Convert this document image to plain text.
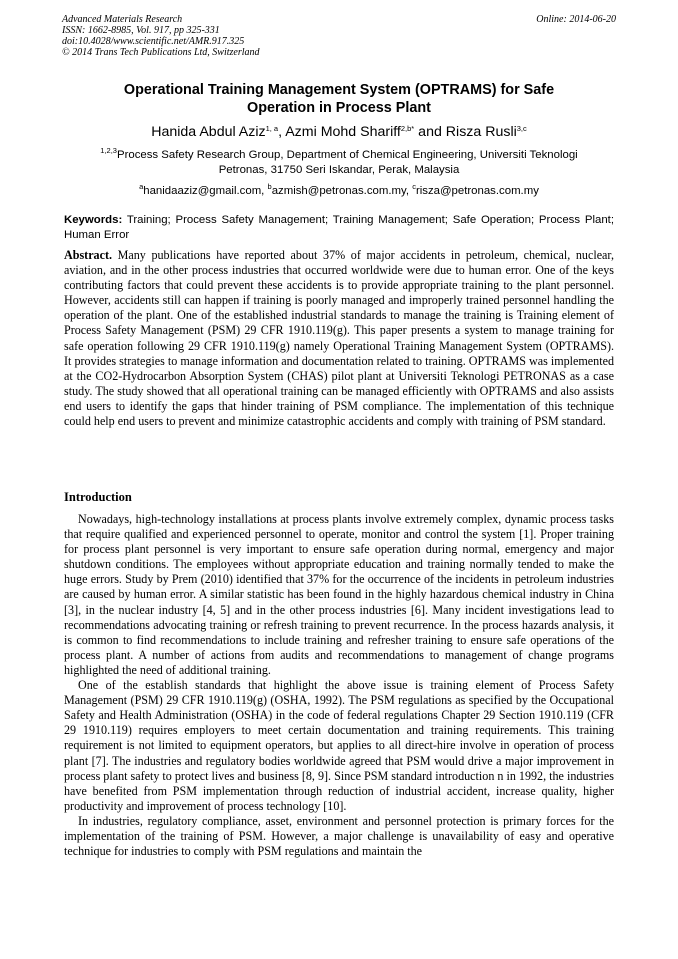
Advanced Materials Research
ISSN: 1662-8985, Vol. 917, pp 325-331
doi:10.4028/www.scientific.net/AMR.917.325
© 2014 Trans Tech Publications Ltd, Switzerland
Online: 2014-06-20
Operational Training Management System (OPTRAMS) for Safe
Operation in Process Plant
Hanida Abdul Aziz$^{1, a}$, Azmi Mohd Shariff$^{2,b*}$ and Risza Rusli$^{3,c}$
$^{1,2,3}$Process Safety Research Group, Department of Chemical Engineering, Universiti Teknologi
Petronas, 31750 Seri Iskandar, Perak, Malaysia
$^a$hanidaaziz@gmail.com, $^b$azmish@petronas.com.my, $^c$risza@petronas.com.my
Keywords: Training; Process Safety Management; Training Management; Safe Operation; Process Plant; Human Error
Abstract. Many publications have reported about 37% of major accidents in petroleum, chemical, nuclear, aviation, and in the other process industries that occurred worldwide were due to human error. One of the keys contributing factors that could prevent these accidents is to provide appropriate training to the plant personnel. However, accidents still can happen if training is poorly managed and improperly trained personnel handling the operation of the plant. One of the established industrial standards to manage the training is Training element of Process Safety Management (PSM) 29 CFR 1910.119(g). This paper presents a system to manage training for safe operation following 29 CFR 1910.119(g) namely Operational Training Management System (OPTRAMS). It provides strategies to manage information and documentation related to training. OPTRAMS was implemented at the CO2-Hydrocarbon Absorption System (CHAS) pilot plant at Universiti Teknologi PETRONAS as a case study. The study showed that all operational training can be managed efficiently with OPTRAMS and also assists end users to identify the gaps that hinder training of PSM compliance. The implementation of this technique could help end users to prevent and minimize catastrophic accidents and comply with training of PSM standard.
Introduction

Nowadays, high-technology installations at process plants involve extremely complex, dynamic process tasks that require qualified and experienced personnel to operate, monitor and control the system [1]. Proper training for process plant personnel is very important to ensure safe operation during normal, emergency and major shutdown conditions. The employees without appropriate education and training normally tended to make the huge errors. Study by Prem (2010) identified that 37% for the occurrence of the incidents in petroleum industries are caused by human error. A similar statistic has been found in the highly hazardous chemical industry in China [3], in the nuclear industry [4, 5] and in the other process industries [6]. Many incident investigations lead to recommendations advocating training or refresh training to prevent recurrence. In the process hazards analysis, it is common to find recommendations to include training and refresher training to ensure safe operations of the process plant. A number of actions from audits and recommendations to management of change programs highlighted the need of additional training.

One of the establish standards that highlight the above issue is training element of Process Safety Management (PSM) 29 CFR 1910.119(g) (OSHA, 1992). The PSM regulations as specified by the Occupational Safety and Health Administration (OSHA) in the code of federal regulations Chapter 29 Section 1910.119 (CFR 29 1910.119) requires employers to meet certain documentation and training requirements. This training requirement is not limited to equipment operators, but applies to all direct-hire involve in operation of process plant [7]. The industries and regulatory bodies worldwide agreed that PSM would drive a major improvement in process plant safety to protect lives and business [8, 9]. Since PSM standard introduction n in 1992, the industries have benefited from PSM implementation through reduction of industrial accident, increase quality, higher productivity and improvement of process technology [10].

In industries, regulatory compliance, asset, environment and personnel protection is primary forces for the implementation of the training of PSM. However, a major challenge is unavailability of easy and operative technique for industries to comply with PSM regulations and maintain the
